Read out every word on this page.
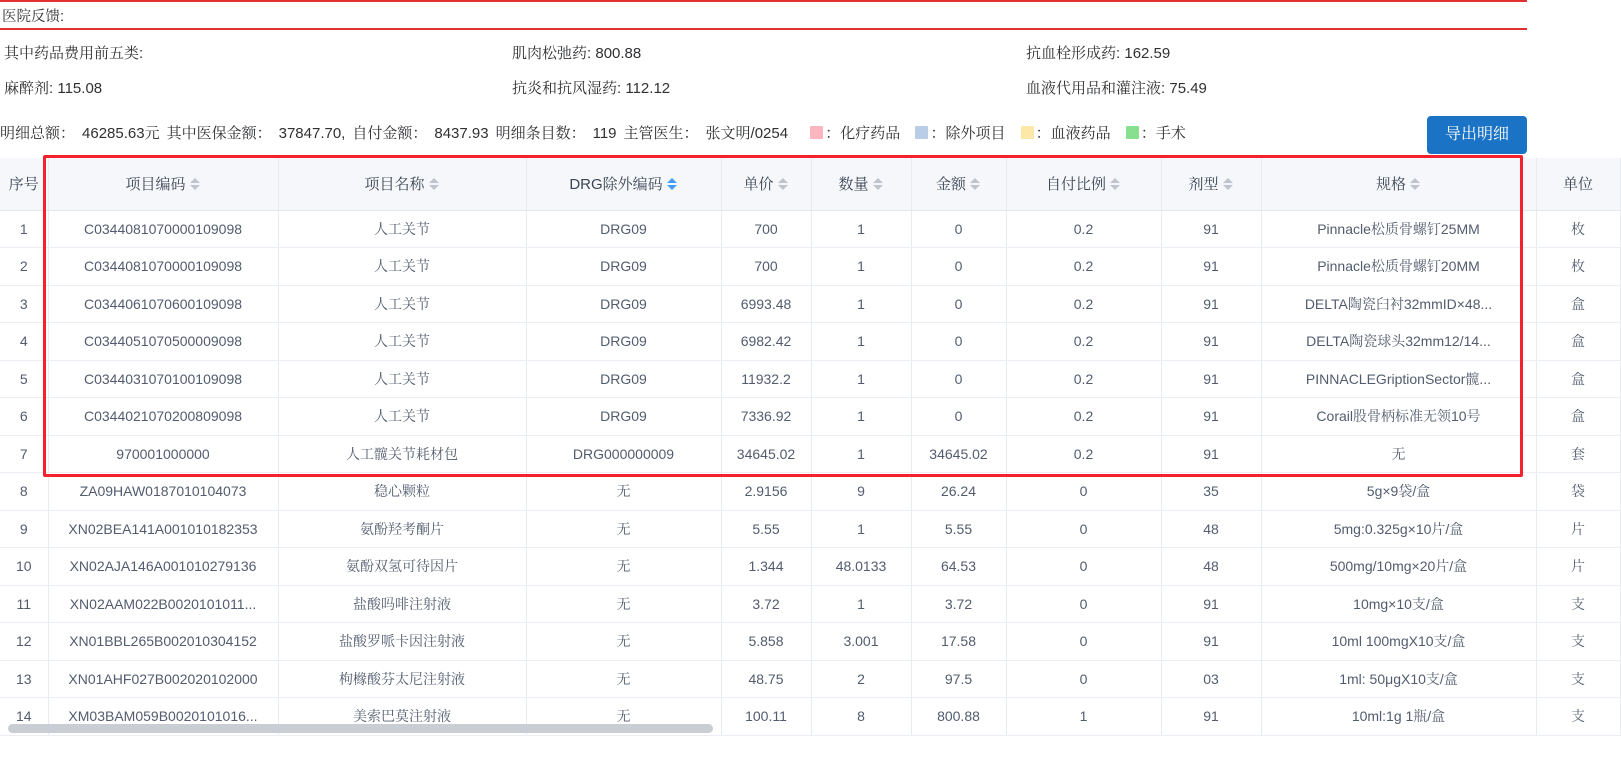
医院反馈:
其中药品费用前五类:	肌肉松弛药: 800.88	抗血栓形成药: 162.59
麻醉剂: 115.08	抗炎和抗风湿药: 112.12	血液代用品和灌注液: 75.49
明细总额： 46285.63元 其中医保金额： 37847.70, 自付金额： 8437.93 明细条目数： 119 主管医生： 张文明/0254 ：化疗药品 ：除外项目 ：血液药品 ：手术	导出明细
序号	项目编码	项目名称	DRG除外编码	单价	数量	金额	自付比例	剂型	规格	单位
1	C0344081070000109098	人工关节	DRG09	700	1	0	0.2	91	Pinnacle松质骨螺钉25MM	枚
2	C0344081070000109098	人工关节	DRG09	700	1	0	0.2	91	Pinnacle松质骨螺钉20MM	枚
3	C0344061070600109098	人工关节	DRG09	6993.48	1	0	0.2	91	DELTA陶瓷臼衬32mmID×48...	盒
4	C0344051070500009098	人工关节	DRG09	6982.42	1	0	0.2	91	DELTA陶瓷球头32mm12/14...	盒
5	C0344031070100109098	人工关节	DRG09	11932.2	1	0	0.2	91	PINNACLEGriptionSector髋...	盒
6	C0344021070200809098	人工关节	DRG09	7336.92	1	0	0.2	91	Corail股骨柄标准无领10号	盒
7	970001000000	人工髋关节耗材包	DRG000000009	34645.02	1	34645.02	0.2	91	无	套
8	ZA09HAW0187010104073	稳心颗粒	无	2.9156	9	26.24	0	35	5g×9袋/盒	袋
9	XN02BEA141A001010182353	氨酚羟考酮片	无	5.55	1	5.55	0	48	5mg:0.325g×10片/盒	片
10	XN02AJA146A001010279136	氨酚双氢可待因片	无	1.344	48.0133	64.53	0	48	500mg/10mg×20片/盒	片
11	XN02AAM022B0020101011...	盐酸吗啡注射液	无	3.72	1	3.72	0	91	10mg×10支/盒	支
12	XN01BBL265B002010304152	盐酸罗哌卡因注射液	无	5.858	3.001	17.58	0	91	10ml 100mgX10支/盒	支
13	XN01AHF027B002020102000	枸橼酸芬太尼注射液	无	48.75	2	97.5	0	03	1ml: 50μgX10支/盒	支
14	XM03BAM059B0020101016...	美索巴莫注射液	无	100.11	8	800.88	1	91	10ml:1g 1瓶/盒	支
